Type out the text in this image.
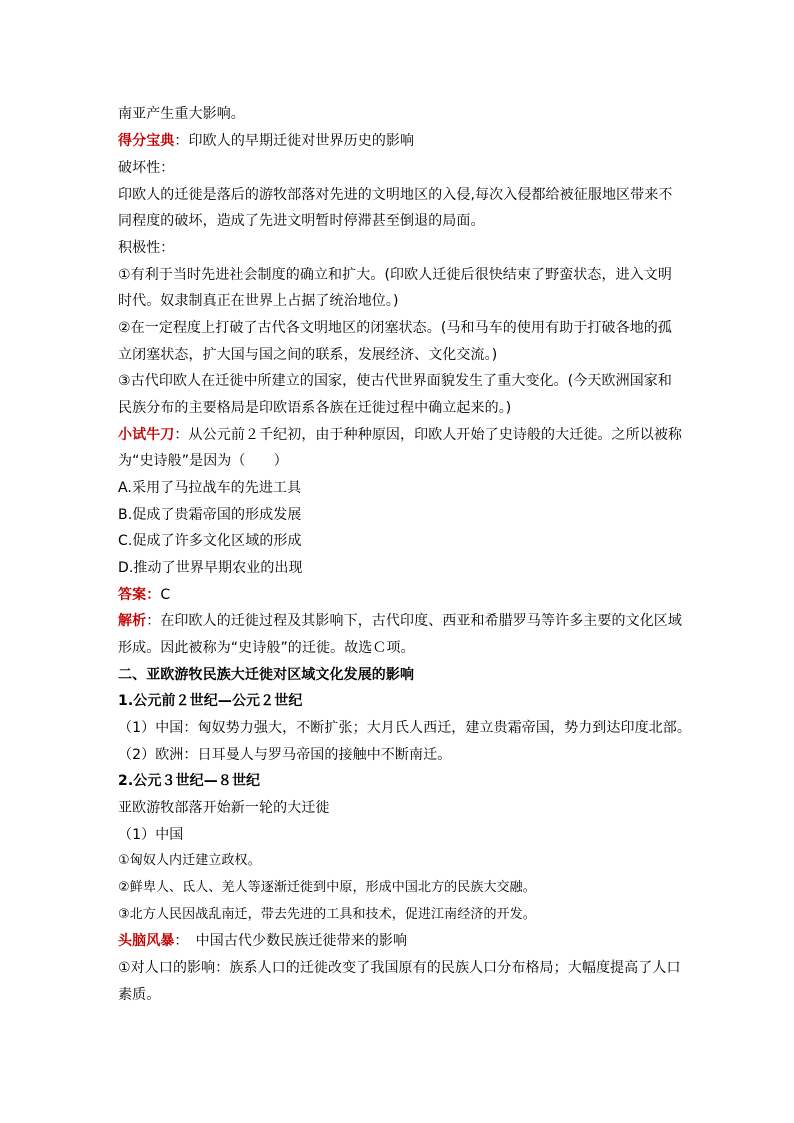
南亚产生重大影响。
得分宝典：印欧人的早期迁徙对世界历史的影响
破坏性：
印欧人的迁徙是落后的游牧部落对先进的文明地区的入侵,每次入侵都给被征服地区带来不
同程度的破坏，造成了先进文明暂时停滞甚至倒退的局面。
积极性：
①有利于当时先进社会制度的确立和扩大。(印欧人迁徙后很快结束了野蛮状态，进入文明
时代。奴隶制真正在世界上占据了统治地位。)
②在一定程度上打破了古代各文明地区的闭塞状态。(马和马车的使用有助于打破各地的孤
立闭塞状态，扩大国与国之间的联系，发展经济、文化交流。)
③古代印欧人在迁徙中所建立的国家，使古代世界面貌发生了重大变化。(今天欧洲国家和
民族分布的主要格局是印欧语系各族在迁徙过程中确立起来的。)
小试牛刀：从公元前２千纪初，由于种种原因，印欧人开始了史诗般的大迁徙。之所以被称
为“史诗般”是因为（　　）
A.采用了马拉战车的先进工具
B.促成了贵霜帝国的形成发展
C.促成了许多文化区域的形成
D.推动了世界早期农业的出现
答案：C
解析：在印欧人的迁徙过程及其影响下，古代印度、西亚和希腊罗马等许多主要的文化区域
形成。因此被称为“史诗般”的迁徙。故选Ｃ项。
二、亚欧游牧民族大迁徙对区域文化发展的影响
1.公元前２世纪—公元２世纪
（1）中国：匈奴势力强大，不断扩张；大月氏人西迁，建立贵霜帝国，势力到达印度北部。
（2）欧洲：日耳曼人与罗马帝国的接触中不断南迁。
2.公元３世纪—８世纪
亚欧游牧部落开始新一轮的大迁徙
（1）中国
①匈奴人内迁建立政权。
②鲜卑人、氐人、羌人等逐渐迁徙到中原，形成中国北方的民族大交融。
③北方人民因战乱南迁，带去先进的工具和技术，促进江南经济的开发。
头脑风暴：　中国古代少数民族迁徙带来的影响
①对人口的影响：族系人口的迁徙改变了我国原有的民族人口分布格局；大幅度提高了人口
素质。
